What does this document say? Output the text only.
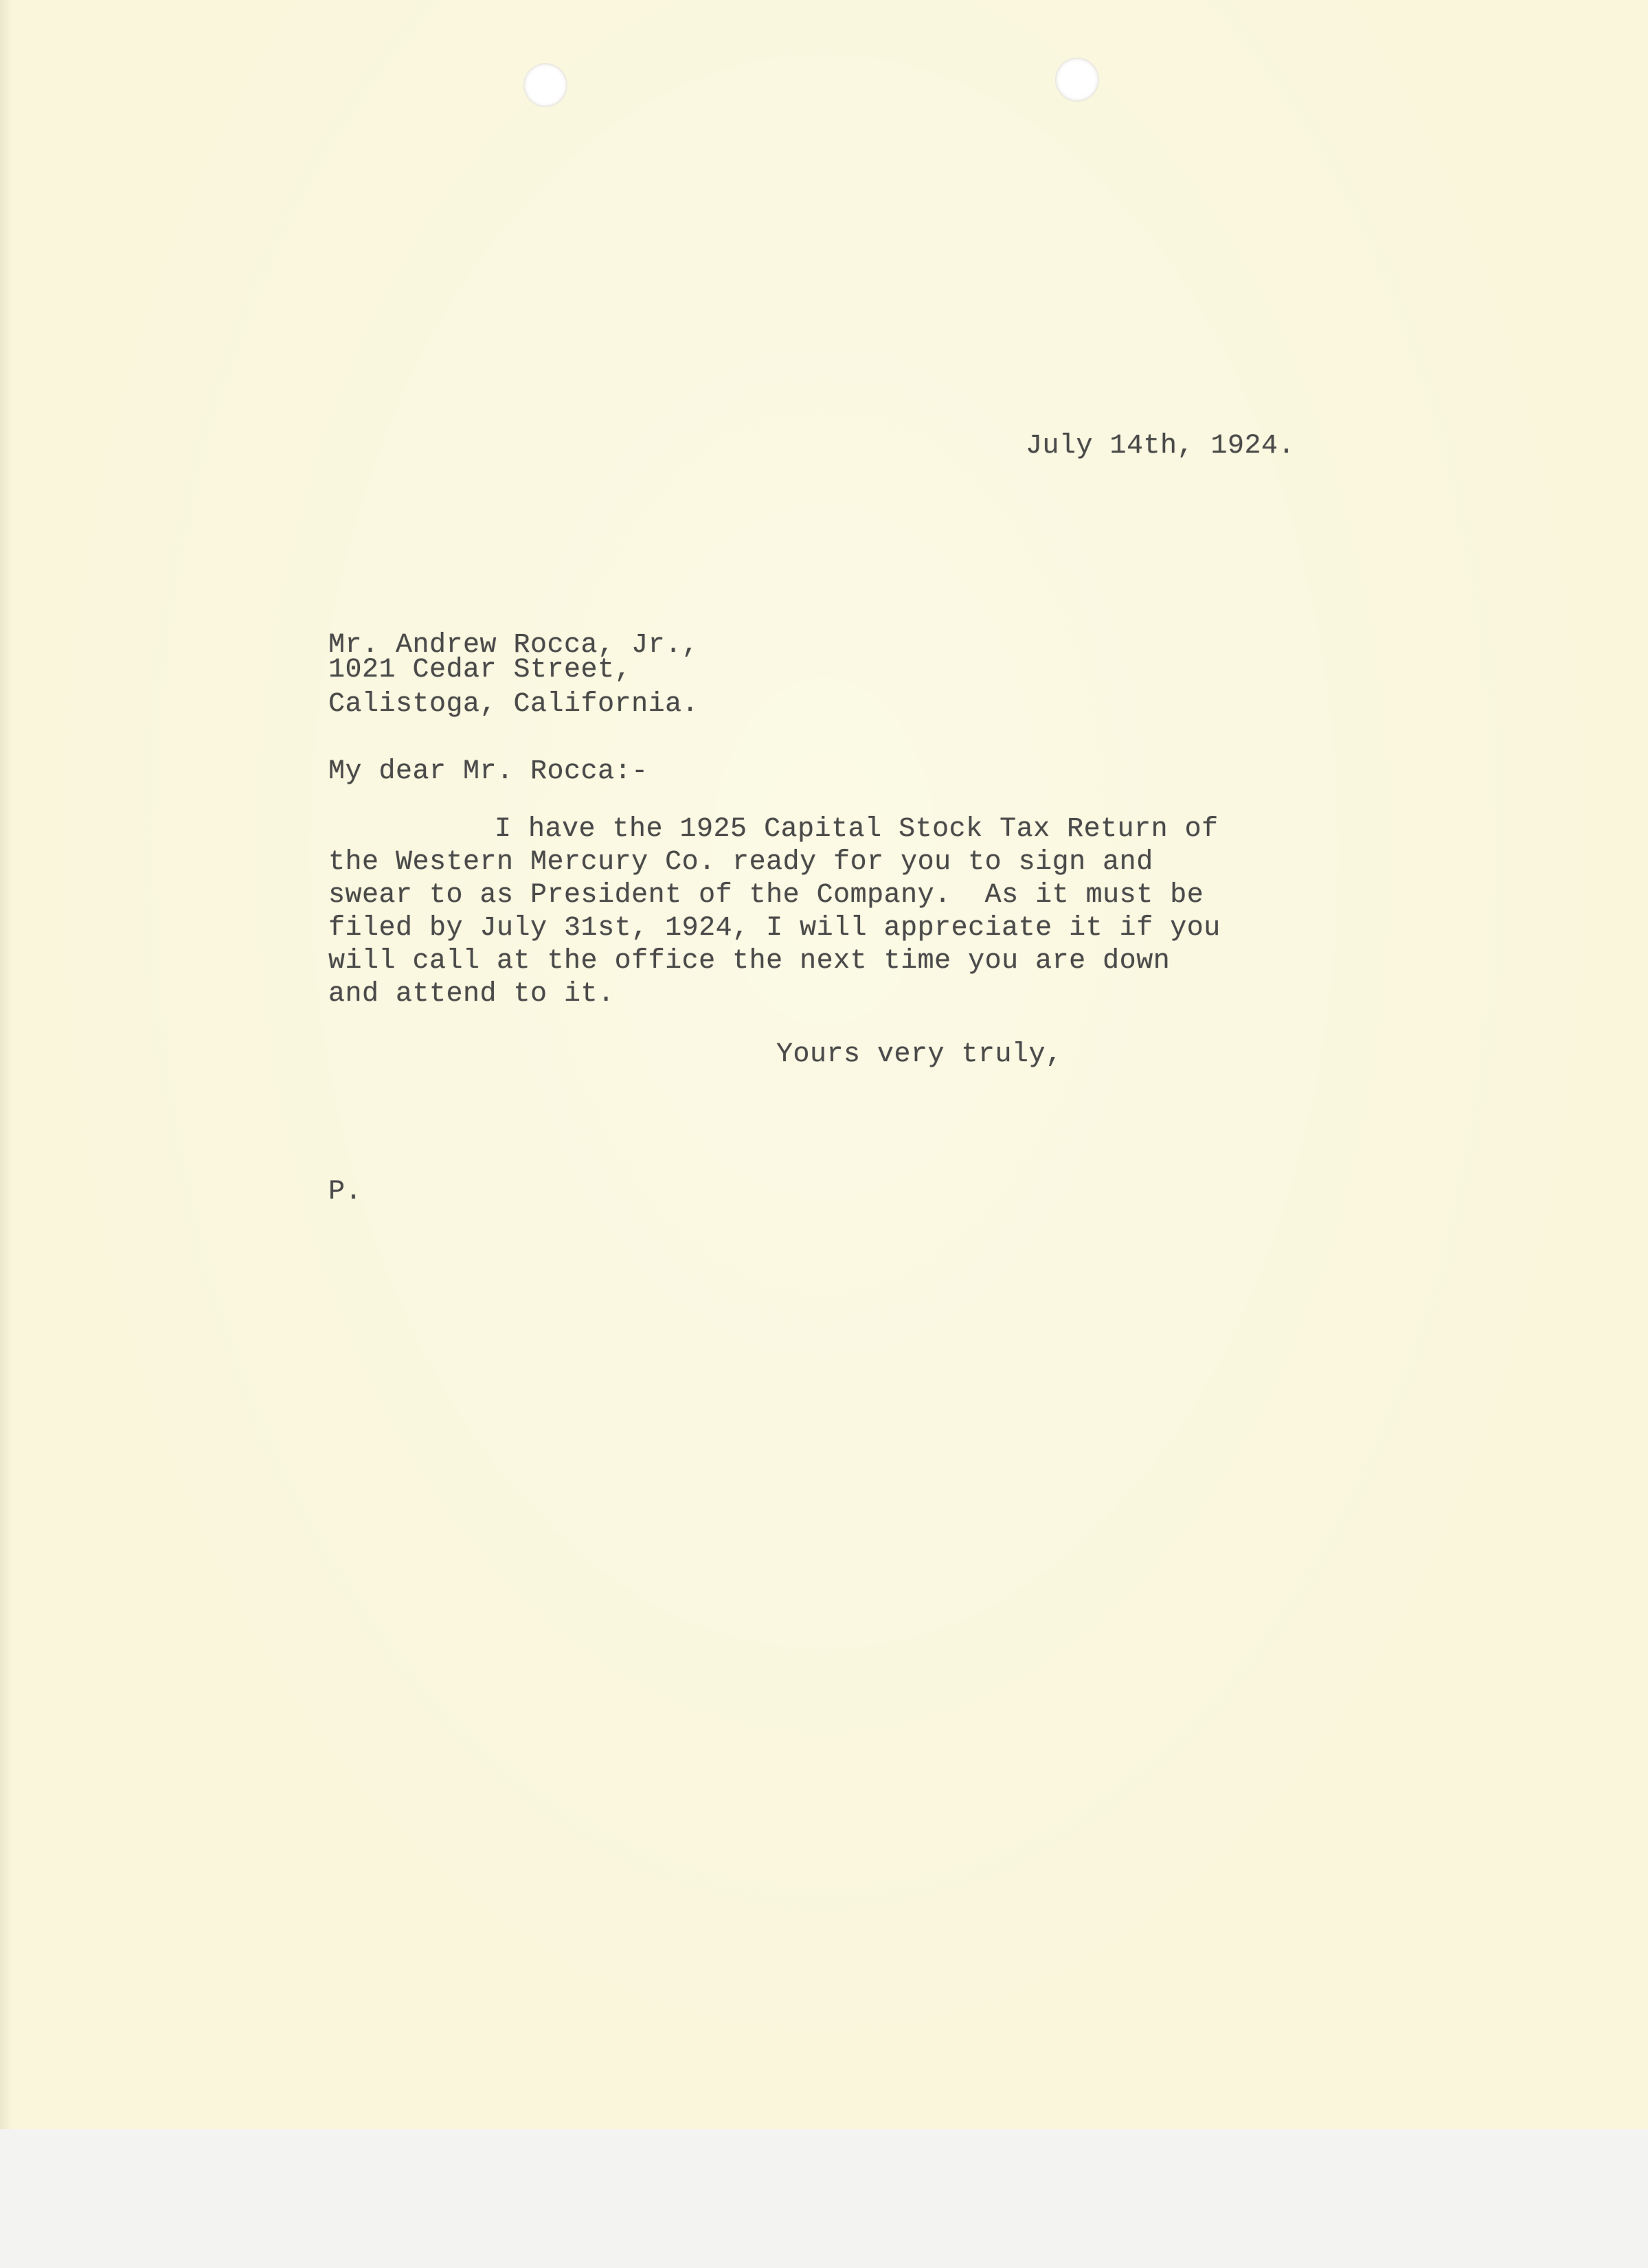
July 14th, 1924.
Mr. Andrew Rocca, Jr.,
1021 Cedar Street,
Calistoga, California.
My dear Mr. Rocca:-
I have the 1925 Capital Stock Tax Return of
the Western Mercury Co. ready for you to sign and
swear to as President of the Company.  As it must be
filed by July 31st, 1924, I will appreciate it if you
will call at the office the next time you are down
and attend to it.
Yours very truly,
P.
